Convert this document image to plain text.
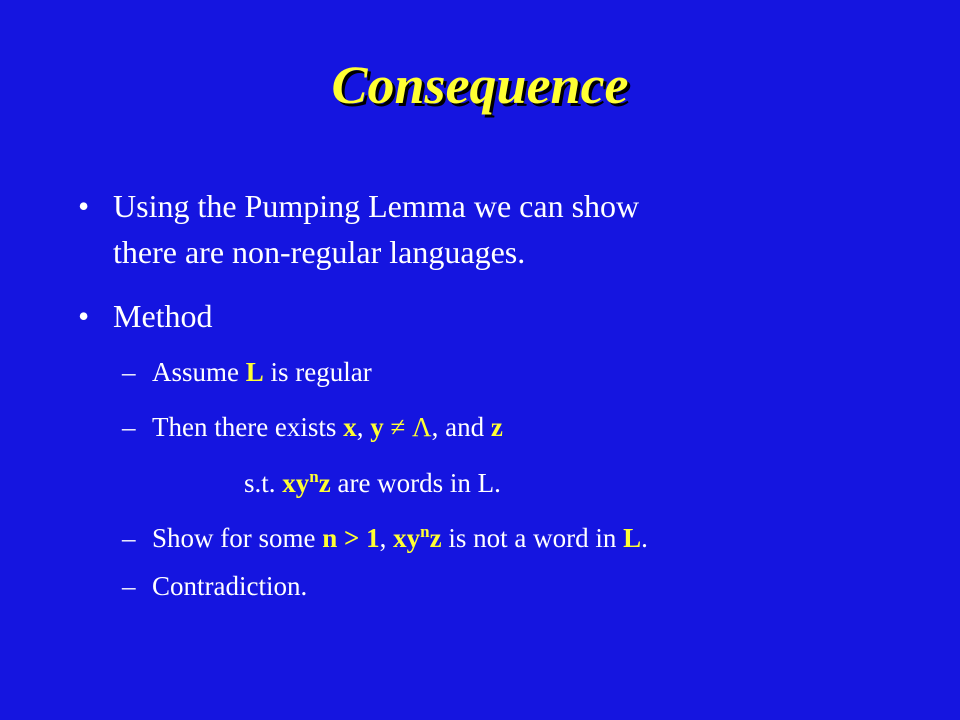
Consequence
• Using the Pumping Lemma we can show
there are non-regular languages.
• Method
– Assume L is regular
– Then there exists x, y ≠ Λ, and z
s.t. $xy^nz$ are words in L.
– Show for some n > 1, $xy^nz$ is not a word in L.
– Contradiction.
